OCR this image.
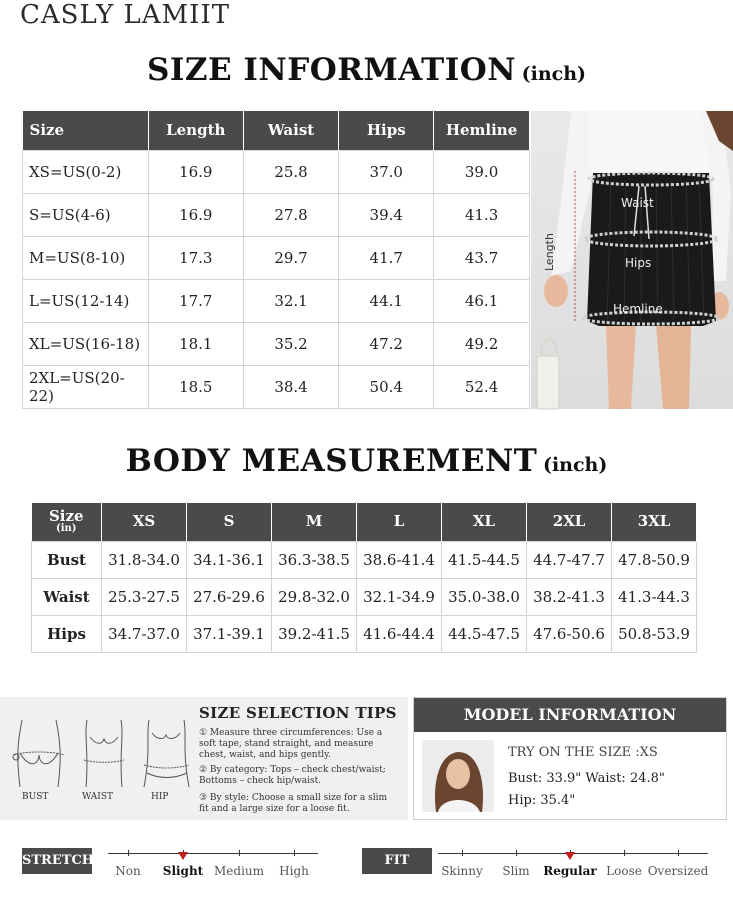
CASLY LAMIIT
SIZE INFORMATION (inch)
Size	Length	Waist	Hips	Hemline
XS=US(0-2)	16.9	25.8	37.0	39.0
S=US(4-6)	16.9	27.8	39.4	41.3
M=US(8-10)	17.3	29.7	41.7	43.7
L=US(12-14)	17.7	32.1	44.1	46.1
XL=US(16-18)	18.1	35.2	47.2	49.2
2XL=US(20-22)	18.5	38.4	50.4	52.4
Length
Waist
Hips
Hemline
BODY MEASUREMENT (inch)
Size
(in)	XS	S	M	L	XL	2XL	3XL
Bust	31.8-34.0	34.1-36.1	36.3-38.5	38.6-41.4	41.5-44.5	44.7-47.7	47.8-50.9
Waist	25.3-27.5	27.6-29.6	29.8-32.0	32.1-34.9	35.0-38.0	38.2-41.3	41.3-44.3
Hips	34.7-37.0	37.1-39.1	39.2-41.5	41.6-44.4	44.5-47.5	47.6-50.6	50.8-53.9
BUST	WAIST	HIP
SIZE SELECTION TIPS
① Measure three circumferences: Use a soft tape, stand straight, and measure chest, waist, and hips gently.
② By category: Tops – check chest/waist; Bottoms – check hip/waist.
③ By style: Choose a small size for a slim fit and a large size for a loose fit.
MODEL INFORMATION
TRY ON THE SIZE :XS
Bust: 33.9" Waist: 24.8"
Hip: 35.4"
STRETCH:
Non Slight Medium High
FIT TYPE:
Skinny Slim Regular Loose Oversized
